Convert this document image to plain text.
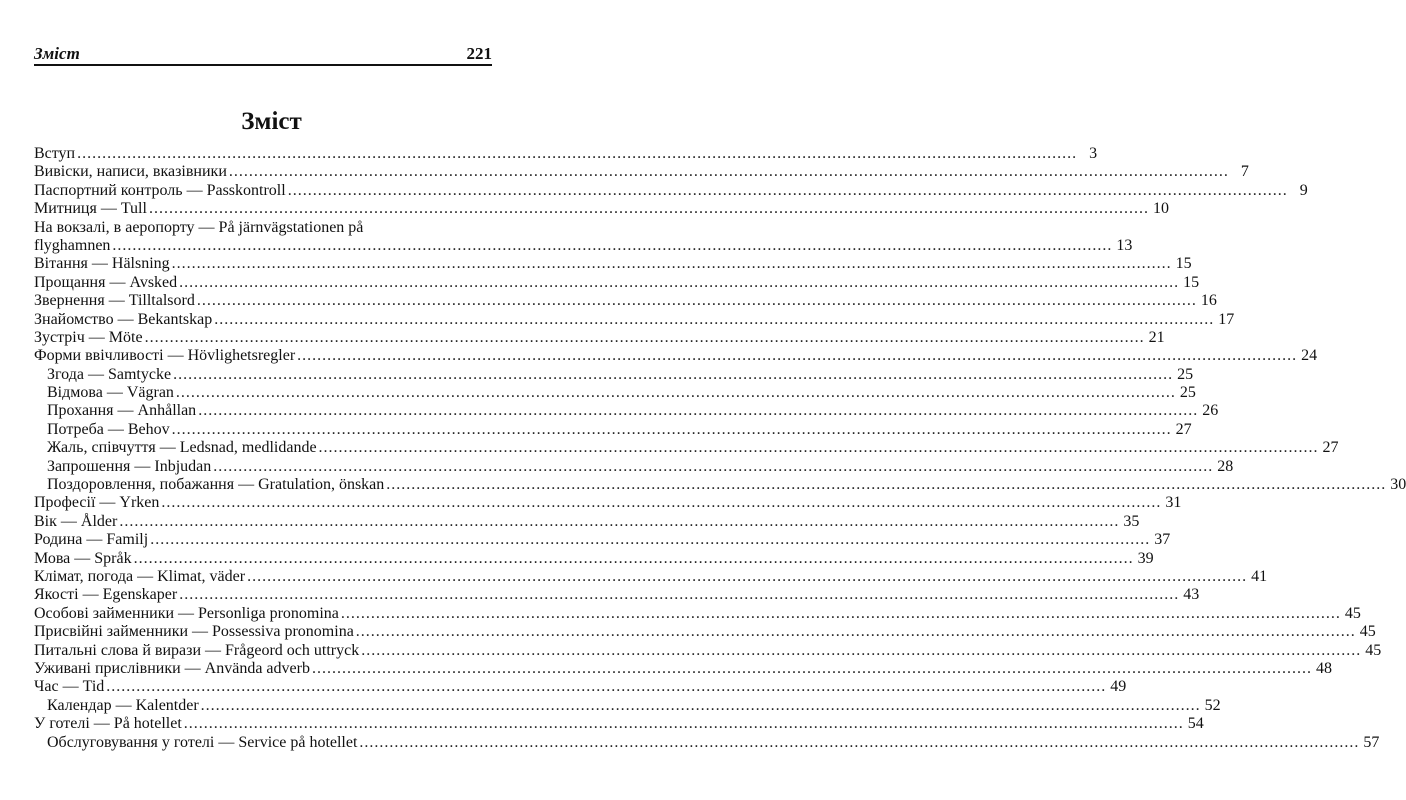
Зміст	221
Зміст
Вступ ........................................................................................................................................................................................................ 3
Вивіски, написи, вказівники ........................................................................................................................................................................................................ 7
Паспортний контроль — Passkontroll ........................................................................................................................................................................................................ 9
Митниця — Tull ........................................................................................................................................................................................................ 10
На вокзалі, в аеропорту — På järnvägstationen på
flyghamnen ........................................................................................................................................................................................................ 13
Вітання — Hälsning ........................................................................................................................................................................................................ 15
Прощання — Avsked ........................................................................................................................................................................................................ 15
Звернення — Tilltalsord ........................................................................................................................................................................................................ 16
Знайомство — Bekantskap ........................................................................................................................................................................................................ 17
Зустріч — Möte ........................................................................................................................................................................................................ 21
Форми ввічливості — Hövlighetsregler ........................................................................................................................................................................................................ 24
Згода — Samtycke ........................................................................................................................................................................................................ 25
Відмова — Vägran ........................................................................................................................................................................................................ 25
Прохання — Anhållan ........................................................................................................................................................................................................ 26
Потреба — Behov ........................................................................................................................................................................................................ 27
Жаль, співчуття — Ledsnad, medlidande ........................................................................................................................................................................................................ 27
Запрошення — Inbjudan ........................................................................................................................................................................................................ 28
Поздоровлення, побажання — Gratulation, önskan ........................................................................................................................................................................................................ 30
Професії — Yrken ........................................................................................................................................................................................................ 31
Вік — Ålder ........................................................................................................................................................................................................ 35
Родина — Familj ........................................................................................................................................................................................................ 37
Мова — Språk ........................................................................................................................................................................................................ 39
Клімат, погода — Klimat, väder ........................................................................................................................................................................................................ 41
Якості — Egenskaper ........................................................................................................................................................................................................ 43
Особові займенники — Personliga pronomina ........................................................................................................................................................................................................ 45
Присвійні займенники — Possessiva pronomina ........................................................................................................................................................................................................ 45
Питальні слова й вирази — Frågeord och uttryck ........................................................................................................................................................................................................ 45
Уживані прислівники — Använda adverb ........................................................................................................................................................................................................ 48
Час — Tid ........................................................................................................................................................................................................ 49
Календар — Kalentder ........................................................................................................................................................................................................ 52
У готелі — På hotellet ........................................................................................................................................................................................................ 54
Обслуговування у готелі — Service på hotellet ........................................................................................................................................................................................................ 57
